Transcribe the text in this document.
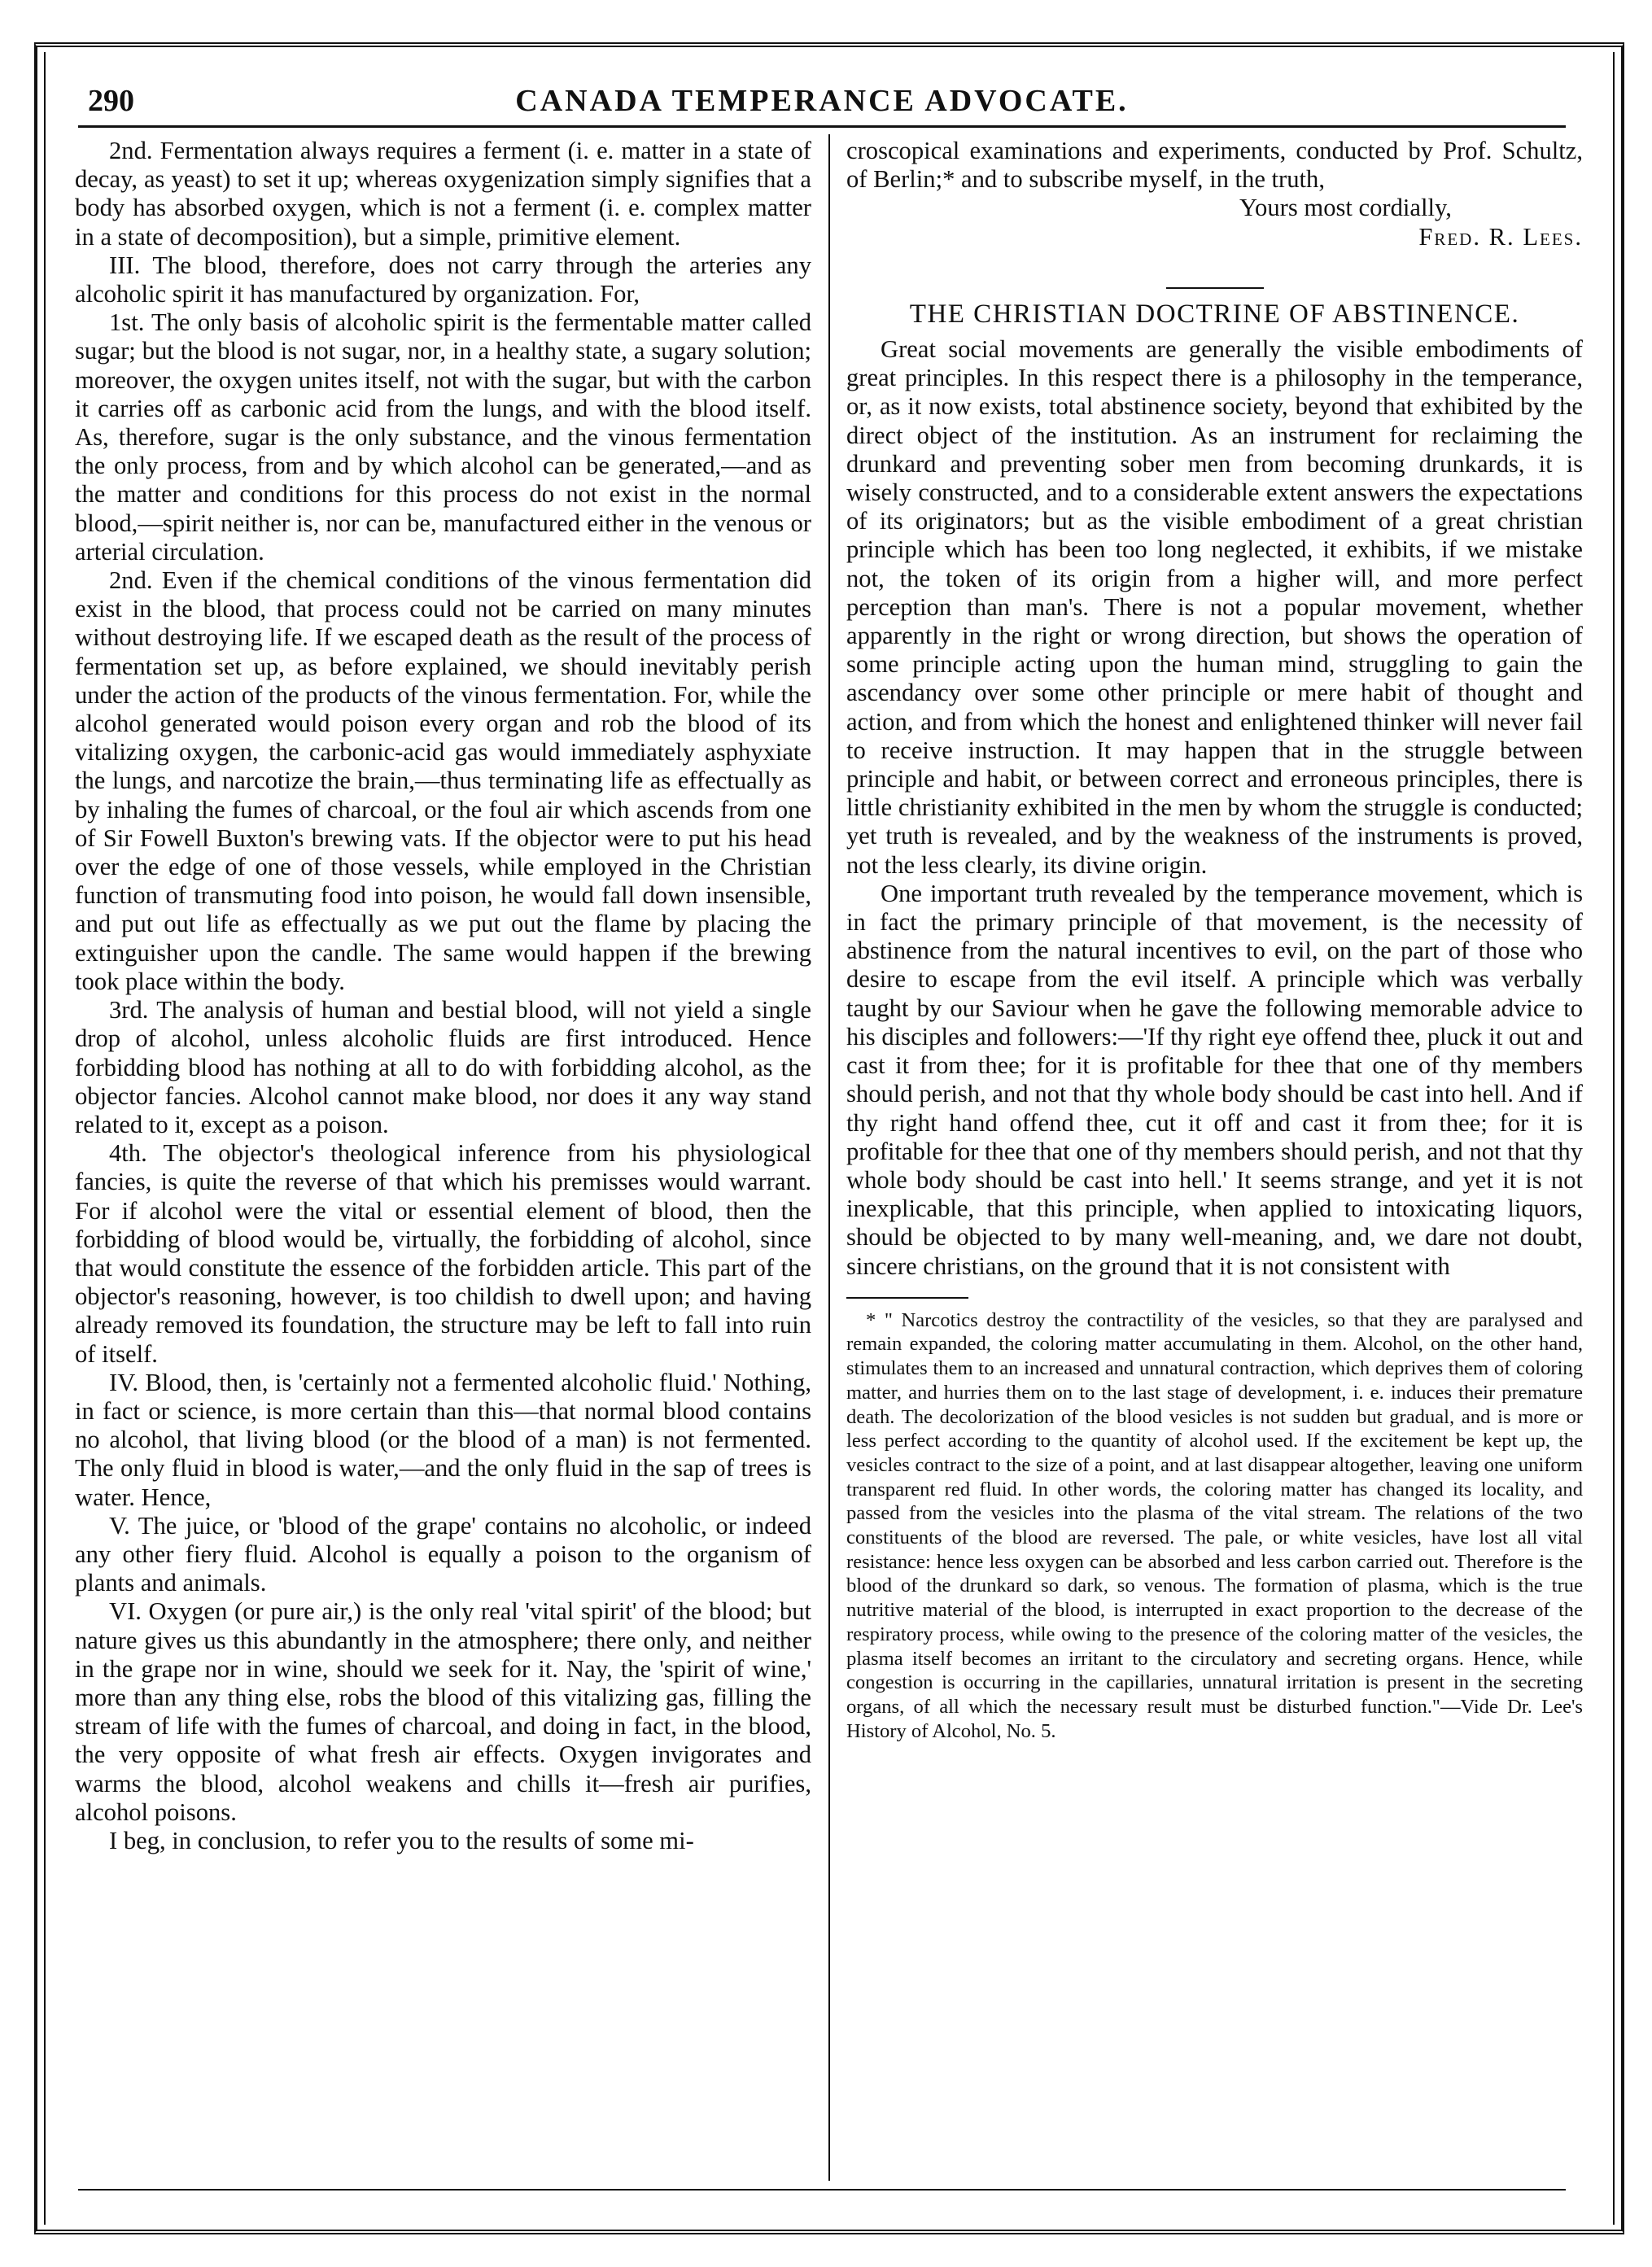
290	CANADA TEMPERANCE ADVOCATE.

2nd. Fermentation always requires a ferment (i. e. matter in a state of decay, as yeast) to set it up; whereas oxygenization simply signifies that a body has absorbed oxygen, which is not a ferment (i. e. complex matter in a state of decomposition), but a simple, primitive element.

III. The blood, therefore, does not carry through the arteries any alcoholic spirit it has manufactured by organization. For,

1st. The only basis of alcoholic spirit is the fermentable matter called sugar; but the blood is not sugar, nor, in a healthy state, a sugary solution; moreover, the oxygen unites itself, not with the sugar, but with the carbon it carries off as carbonic acid from the lungs, and with the blood itself. As, therefore, sugar is the only substance, and the vinous fermentation the only process, from and by which alcohol can be generated,—and as the matter and conditions for this process do not exist in the normal blood,—spirit neither is, nor can be, manufactured either in the venous or arterial circulation.

2nd. Even if the chemical conditions of the vinous fermentation did exist in the blood, that process could not be carried on many minutes without destroying life. If we escaped death as the result of the process of fermentation set up, as before explained, we should inevitably perish under the action of the products of the vinous fermentation. For, while the alcohol generated would poison every organ and rob the blood of its vitalizing oxygen, the carbonic-acid gas would immediately asphyxiate the lungs, and narcotize the brain,—thus terminating life as effectually as by inhaling the fumes of charcoal, or the foul air which ascends from one of Sir Fowell Buxton's brewing vats. If the objector were to put his head over the edge of one of those vessels, while employed in the Christian function of transmuting food into poison, he would fall down insensible, and put out life as effectually as we put out the flame by placing the extinguisher upon the candle. The same would happen if the brewing took place within the body.

3rd. The analysis of human and bestial blood, will not yield a single drop of alcohol, unless alcoholic fluids are first introduced. Hence forbidding blood has nothing at all to do with forbidding alcohol, as the objector fancies. Alcohol cannot make blood, nor does it any way stand related to it, except as a poison.

4th. The objector's theological inference from his physiological fancies, is quite the reverse of that which his premisses would warrant. For if alcohol were the vital or essential element of blood, then the forbidding of blood would be, virtually, the forbidding of alcohol, since that would constitute the essence of the forbidden article. This part of the objector's reasoning, however, is too childish to dwell upon; and having already removed its foundation, the structure may be left to fall into ruin of itself.

IV. Blood, then, is 'certainly not a fermented alcoholic fluid.' Nothing, in fact or science, is more certain than this—that normal blood contains no alcohol, that living blood (or the blood of a man) is not fermented. The only fluid in blood is water,—and the only fluid in the sap of trees is water. Hence,

V. The juice, or 'blood of the grape' contains no alcoholic, or indeed any other fiery fluid. Alcohol is equally a poison to the organism of plants and animals.

VI. Oxygen (or pure air,) is the only real 'vital spirit' of the blood; but nature gives us this abundantly in the atmosphere; there only, and neither in the grape nor in wine, should we seek for it. Nay, the 'spirit of wine,' more than any thing else, robs the blood of this vitalizing gas, filling the stream of life with the fumes of charcoal, and doing in fact, in the blood, the very opposite of what fresh air effects. Oxygen invigorates and warms the blood, alcohol weakens and chills it—fresh air purifies, alcohol poisons.

I beg, in conclusion, to refer you to the results of some mi-

croscopical examinations and experiments, conducted by Prof. Schultz, of Berlin;* and to subscribe myself, in the truth,

Yours most cordially,

Fred. R. Lees.

THE CHRISTIAN DOCTRINE OF ABSTINENCE.

Great social movements are generally the visible embodiments of great principles. In this respect there is a philosophy in the temperance, or, as it now exists, total abstinence society, beyond that exhibited by the direct object of the institution. As an instrument for reclaiming the drunkard and preventing sober men from becoming drunkards, it is wisely constructed, and to a considerable extent answers the expectations of its originators; but as the visible embodiment of a great christian principle which has been too long neglected, it exhibits, if we mistake not, the token of its origin from a higher will, and more perfect perception than man's. There is not a popular movement, whether apparently in the right or wrong direction, but shows the operation of some principle acting upon the human mind, struggling to gain the ascendancy over some other principle or mere habit of thought and action, and from which the honest and enlightened thinker will never fail to receive instruction. It may happen that in the struggle between principle and habit, or between correct and erroneous principles, there is little christianity exhibited in the men by whom the struggle is conducted; yet truth is revealed, and by the weakness of the instruments is proved, not the less clearly, its divine origin.

One important truth revealed by the temperance movement, which is in fact the primary principle of that movement, is the necessity of abstinence from the natural incentives to evil, on the part of those who desire to escape from the evil itself. A principle which was verbally taught by our Saviour when he gave the following memorable advice to his disciples and followers:—'If thy right eye offend thee, pluck it out and cast it from thee; for it is profitable for thee that one of thy members should perish, and not that thy whole body should be cast into hell. And if thy right hand offend thee, cut it off and cast it from thee; for it is profitable for thee that one of thy members should perish, and not that thy whole body should be cast into hell.' It seems strange, and yet it is not inexplicable, that this principle, when applied to intoxicating liquors, should be objected to by many well-meaning, and, we dare not doubt, sincere christians, on the ground that it is not consistent with

* " Narcotics destroy the contractility of the vesicles, so that they are paralysed and remain expanded, the coloring matter accumulating in them. Alcohol, on the other hand, stimulates them to an increased and unnatural contraction, which deprives them of coloring matter, and hurries them on to the last stage of development, i. e. induces their premature death. The decolorization of the blood vesicles is not sudden but gradual, and is more or less perfect according to the quantity of alcohol used. If the excitement be kept up, the vesicles contract to the size of a point, and at last disappear altogether, leaving one uniform transparent red fluid. In other words, the coloring matter has changed its locality, and passed from the vesicles into the plasma of the vital stream. The relations of the two constituents of the blood are reversed. The pale, or white vesicles, have lost all vital resistance: hence less oxygen can be absorbed and less carbon carried out. Therefore is the blood of the drunkard so dark, so venous. The formation of plasma, which is the true nutritive material of the blood, is interrupted in exact proportion to the decrease of the respiratory process, while owing to the presence of the coloring matter of the vesicles, the plasma itself becomes an irritant to the circulatory and secreting organs. Hence, while congestion is occurring in the capillaries, unnatural irritation is present in the secreting organs, of all which the necessary result must be disturbed function."—Vide Dr. Lee's History of Alcohol, No. 5.
